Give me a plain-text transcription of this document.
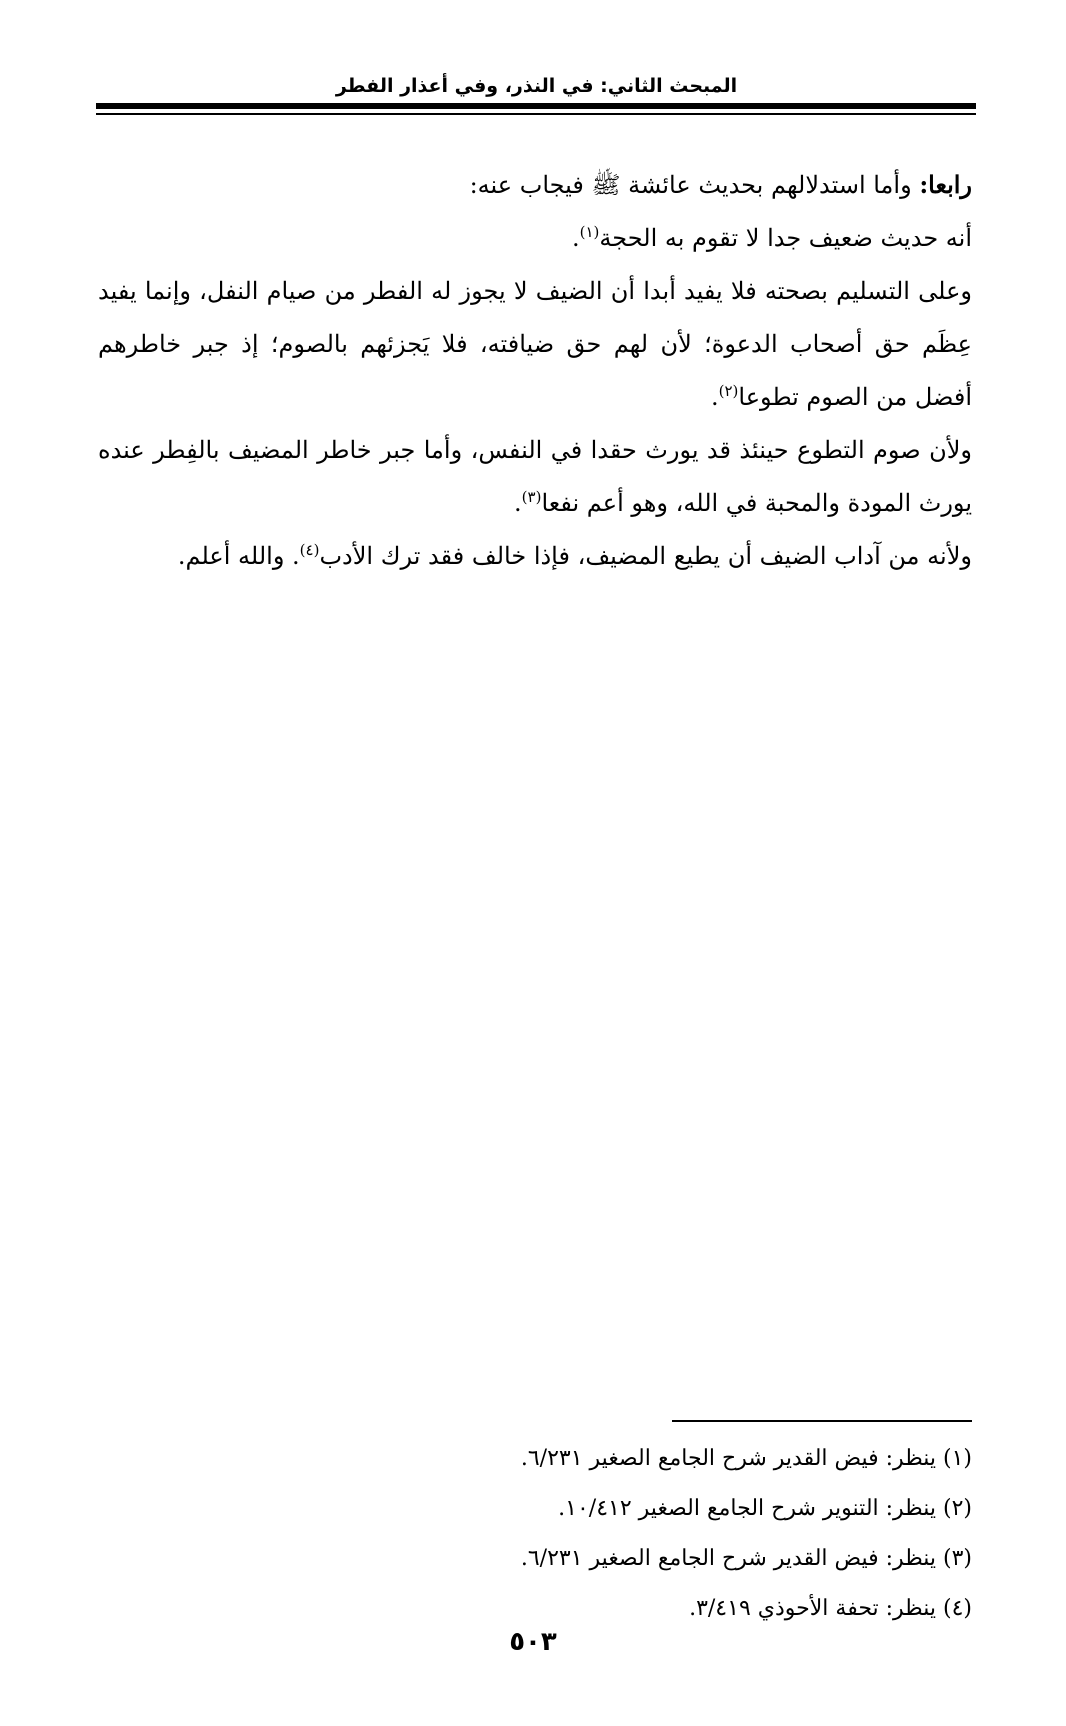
المبحث الثاني: في النذر، وفي أعذار الفطر

رابعا: وأما استدلالهم بحديث عائشة ﷺ فيجاب عنه:

أنه حديث ضعيف جدا لا تقوم به الحجة$^{(١)}$.

وعلى التسليم بصحته فلا يفيد أبدا أن الضيف لا يجوز له الفطر من صيام النفل، وإنما يفيد عِظَم حق أصحاب الدعوة؛ لأن لهم حق ضيافته، فلا يَجزئهم بالصوم؛ إذ جبر خاطرهم أفضل من الصوم تطوعا$^{(٢)}$.

ولأن صوم التطوع حينئذ قد يورث حقدا في النفس، وأما جبر خاطر المضيف بالفِطر عنده يورث المودة والمحبة في الله، وهو أعم نفعا$^{(٣)}$.

ولأنه من آداب الضيف أن يطيع المضيف، فإذا خالف فقد ترك الأدب$^{(٤)}$. والله أعلم.

(١) ينظر: فيض القدير شرح الجامع الصغير ٦/٢٣١.

(٢) ينظر: التنوير شرح الجامع الصغير ١٠/٤١٢.

(٣) ينظر: فيض القدير شرح الجامع الصغير ٦/٢٣١.

(٤) ينظر: تحفة الأحوذي ٣/٤١٩.

٥٠٣
